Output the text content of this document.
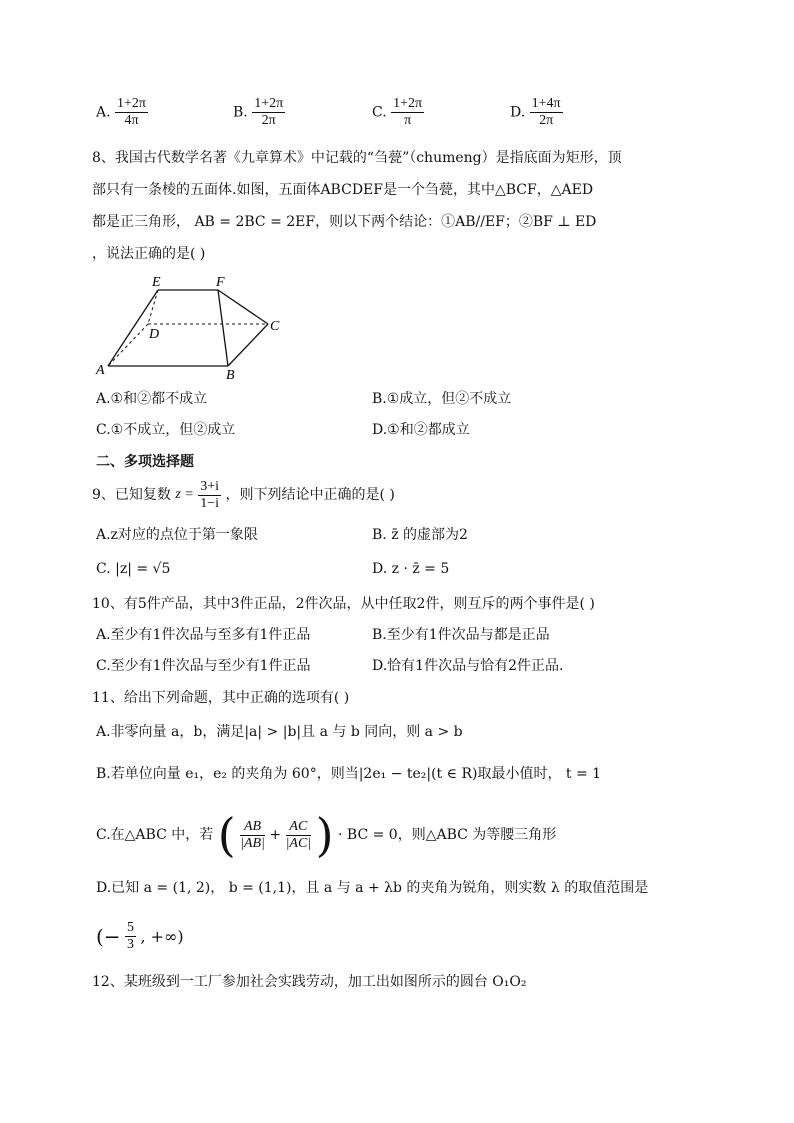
A. $\frac{1+2\pi}{4\pi}$	B. $\frac{1+2\pi}{2\pi}$	C. $\frac{1+2\pi}{\pi}$	D. $\frac{1+4\pi}{2\pi}$
8、我国古代数学名著《九章算术》中记载的“刍甍”（chumeng）是指底面为矩形，顶
部只有一条棱的五面体.如图，五面体ABCDEF是一个刍甍，其中△BCF，△AED
都是正三角形， AB = 2BC = 2EF，则以下两个结论：①AB//EF；②BF ⊥ ED
，说法正确的是( )
E	F
C
D
A	B
A.①和②都不成立	B.①成立，但②不成立
C.①不成立，但②成立	D.①和②都成立
二、多项选择题
9、已知复数 $z = \frac{3+i}{1-i}$ ，则下列结论中正确的是( )
A.z对应的点位于第一象限	B. z̄ 的虚部为2
C. |z| = √5	D. z · z̄ = 5
10、有5件产品，其中3件正品，2件次品，从中任取2件，则互斥的两个事件是( )
A.至少有1件次品与至多有1件正品	B.至少有1件次品与都是正品
C.至少有1件次品与至少有1件正品	D.恰有1件次品与恰有2件正品.
11、给出下列命题，其中正确的选项有( )
A.非零向量 a，b，满足|a| > |b|且 a 与 b 同向，则 a > b
B.若单位向量 e₁，e₂ 的夹角为 60°，则当|2e₁ − te₂|(t ∈ R)取最小值时， t = 1
C.在△ABC 中，若 ( $\frac{AB}{|AB|} + \frac{AC}{|AC|}$ ) · BC = 0，则△ABC 为等腰三角形
D.已知 a = (1, 2)， b = (1,1)，且 a 与 a + λb 的夹角为锐角，则实数 λ 的取值范围是
(− $\frac{5}{3}$ , +∞)
12、某班级到一工厂参加社会实践劳动，加工出如图所示的圆台 O₁O₂
